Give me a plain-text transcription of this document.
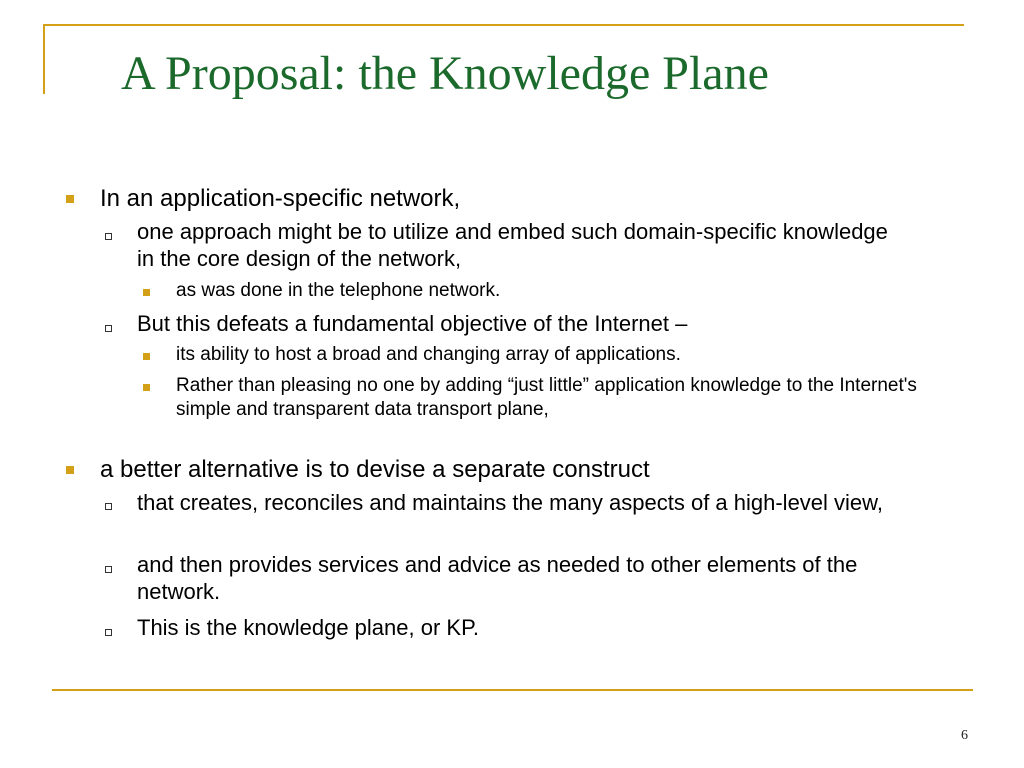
A Proposal: the Knowledge Plane
In an application-specific network,
one approach might be to utilize and embed such domain-specific knowledge in the core design of the network,
as was done in the telephone network.
But this defeats a fundamental objective of the Internet –
its ability to host a broad and changing array of applications.
Rather than pleasing no one by adding “just little” application knowledge to the Internet's simple and transparent data transport plane,
a better alternative is to devise a separate construct
that creates, reconciles and maintains the many aspects of a high-level view,
and then provides services and advice as needed to other elements of the network.
This is the knowledge plane, or KP.
6
